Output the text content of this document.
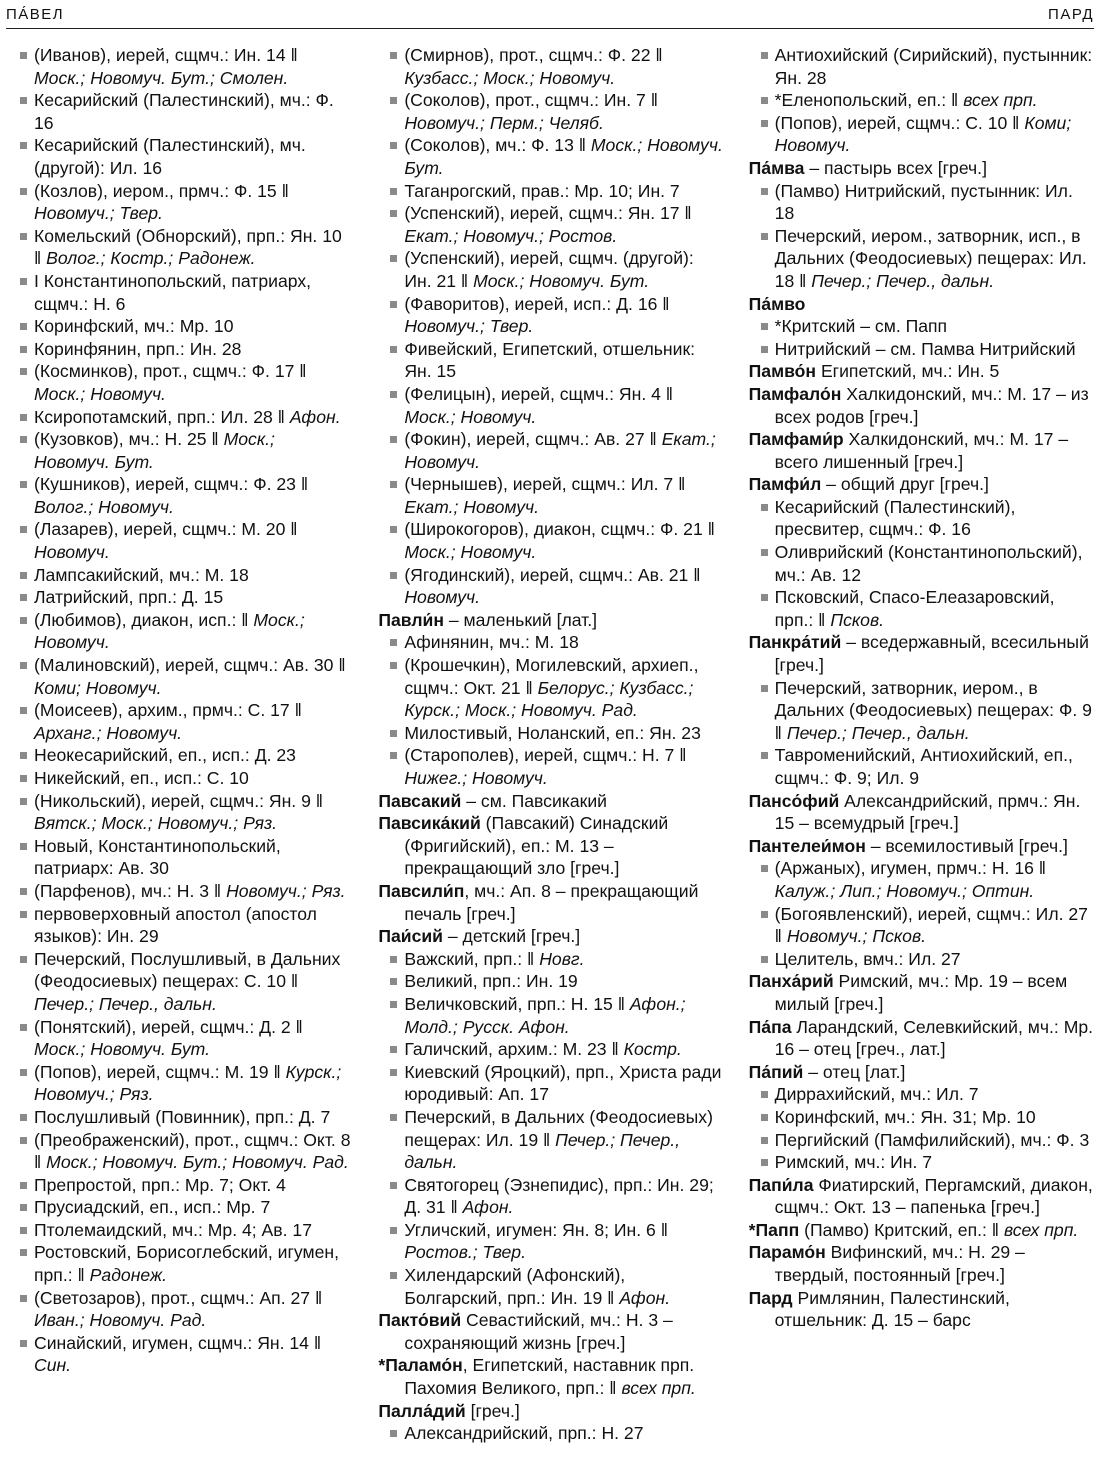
ПА́ВЕЛ	ПАРД

(Иванов), иерей, сщмч.: Ин. 14 ‖ Моск.; Новомуч. Бут.; Смолен.

Кесарийский (Палестинский), мч.: Ф. 16

Кесарийский (Палестинский), мч. (другой): Ил. 16

(Козлов), иером., прмч.: Ф. 15 ‖ Новомуч.; Твер.

Комельский (Обнорский), прп.: Ян. 10 ‖ Волог.; Костр.; Радонеж.

I Константинопольский, патриарх, сщмч.: Н. 6

Коринфский, мч.: Мр. 10

Коринфянин, прп.: Ин. 28

(Косминков), прот., сщмч.: Ф. 17 ‖ Моск.; Новомуч.

Ксиропотамский, прп.: Ил. 28 ‖ Афон.

(Кузовков), мч.: Н. 25 ‖ Моск.; Новомуч. Бут.

(Кушников), иерей, сщмч.: Ф. 23 ‖ Волог.; Новомуч.

(Лазарев), иерей, сщмч.: М. 20 ‖ Новомуч.

Лампсакийский, мч.: М. 18

Латрийский, прп.: Д. 15

(Любимов), диакон, исп.: ‖ Моск.; Новомуч.

(Малиновский), иерей, сщмч.: Ав. 30 ‖ Коми; Новомуч.

(Моисеев), архим., прмч.: С. 17 ‖ Арханг.; Новомуч.

Неокесарийский, еп., исп.: Д. 23

Никейский, еп., исп.: С. 10

(Никольский), иерей, сщмч.: Ян. 9 ‖ Вятск.; Моск.; Новомуч.; Ряз.

Новый, Константинопольский, патриарх: Ав. 30

(Парфенов), мч.: Н. 3 ‖ Новомуч.; Ряз.

первоверховный апостол (апостол языков): Ин. 29

Печерский, Послушливый, в Дальних (Феодосиевых) пещерах: С. 10 ‖ Печер.; Печер., дальн.

(Понятский), иерей, сщмч.: Д. 2 ‖ Моск.; Новомуч. Бут.

(Попов), иерей, сщмч.: М. 19 ‖ Курск.; Новомуч.; Ряз.

Послушливый (Повинник), прп.: Д. 7

(Преображенский), прот., сщмч.: Окт. 8 ‖ Моск.; Новомуч. Бут.; Новомуч. Рад.

Препростой, прп.: Мр. 7; Окт. 4

Прусиадский, еп., исп.: Мр. 7

Птолемаидский, мч.: Мр. 4; Ав. 17

Ростовский, Борисоглебский, игумен, прп.: ‖ Радонеж.

(Светозаров), прот., сщмч.: Ап. 27 ‖ Иван.; Новомуч. Рад.

Синайский, игумен, сщмч.: Ян. 14 ‖ Син.

(Смирнов), прот., сщмч.: Ф. 22 ‖ Кузбасс.; Моск.; Новомуч.

(Соколов), прот., сщмч.: Ин. 7 ‖ Новомуч.; Перм.; Челяб.

(Соколов), мч.: Ф. 13 ‖ Моск.; Новомуч. Бут.

Таганрогский, прав.: Мр. 10; Ин. 7

(Успенский), иерей, сщмч.: Ян. 17 ‖ Екат.; Новомуч.; Ростов.

(Успенский), иерей, сщмч. (другой): Ин. 21 ‖ Моск.; Новомуч. Бут.

(Фаворитов), иерей, исп.: Д. 16 ‖ Новомуч.; Твер.

Фивейский, Египетский, отшельник: Ян. 15

(Фелицын), иерей, сщмч.: Ян. 4 ‖ Моск.; Новомуч.

(Фокин), иерей, сщмч.: Ав. 27 ‖ Екат.; Новомуч.

(Чернышев), иерей, сщмч.: Ил. 7 ‖ Екат.; Новомуч.

(Широкогоров), диакон, сщмч.: Ф. 21 ‖ Моск.; Новомуч.

(Ягодинский), иерей, сщмч.: Ав. 21 ‖ Новомуч.

Павли́н – маленький [лат.]

Афинянин, мч.: М. 18

(Крошечкин), Могилевский, архиеп., сщмч.: Окт. 21 ‖ Белорус.; Кузбасс.; Курск.; Моск.; Новомуч. Рад.

Милостивый, Ноланский, еп.: Ян. 23

(Старополев), иерей, сщмч.: Н. 7 ‖ Нижег.; Новомуч.

Павсакий – см. Павсикакий

Павсика́кий (Павсакий) Синадский (Фригийский), еп.: М. 13 – прекращающий зло [греч.]

Павсили́п, мч.: Ап. 8 – прекращающий печаль [греч.]

Паи́сий – детский [греч.]

Важский, прп.: ‖ Новг.

Великий, прп.: Ин. 19

Величковский, прп.: Н. 15 ‖ Афон.; Молд.; Русск. Афон.

Галичский, архим.: М. 23 ‖ Костр.

Киевский (Яроцкий), прп., Христа ради юродивый: Ап. 17

Печерский, в Дальних (Феодосиевых) пещерах: Ил. 19 ‖ Печер.; Печер., дальн.

Святогорец (Эзнепидис), прп.: Ин. 29; Д. 31 ‖ Афон.

Угличский, игумен: Ян. 8; Ин. 6 ‖ Ростов.; Твер.

Хилендарский (Афонский), Болгарский, прп.: Ин. 19 ‖ Афон.

Пакто́вий Севастийский, мч.: Н. 3 – сохраняющий жизнь [греч.]

*Паламо́н, Египетский, наставник прп. Пахомия Великого, прп.: ‖ всех прп.

Палла́дий [греч.]

Александрийский, прп.: Н. 27

Антиохийский (Сирийский), пустынник: Ян. 28

*Еленопольский, еп.: ‖ всех прп.

(Попов), иерей, сщмч.: С. 10 ‖ Коми; Новомуч.

Па́мва – пастырь всех [греч.]

(Памво) Нитрийский, пустынник: Ил. 18

Печерский, иером., затворник, исп., в Дальних (Феодосиевых) пещерах: Ил. 18 ‖ Печер.; Печер., дальн.

Па́мво

*Критский – см. Папп

Нитрийский – см. Памва Нитрийский

Памво́н Египетский, мч.: Ин. 5

Памфало́н Халкидонский, мч.: М. 17 – из всех родов [греч.]

Памфами́р Халкидонский, мч.: М. 17 – всего лишенный [греч.]

Памфи́л – общий друг [греч.]

Кесарийский (Палестинский), пресвитер, сщмч.: Ф. 16

Оливрийский (Константинопольский), мч.: Ав. 12

Псковский, Спасо-Елеазаровский, прп.: ‖ Псков.

Панкра́тий – вседержавный, всесильный [греч.]

Печерский, затворник, иером., в Дальних (Феодосиевых) пещерах: Ф. 9 ‖ Печер.; Печер., дальн.

Тавроменийский, Антиохийский, еп., сщмч.: Ф. 9; Ил. 9

Пансо́фий Александрийский, прмч.: Ян. 15 – всемудрый [греч.]

Пантелеи́мон – всемилостивый [греч.]

(Аржаных), игумен, прмч.: Н. 16 ‖ Калуж.; Лип.; Новомуч.; Оптин.

(Богоявленский), иерей, сщмч.: Ил. 27 ‖ Новомуч.; Псков.

Целитель, вмч.: Ил. 27

Панха́рий Римский, мч.: Мр. 19 – всем милый [греч.]

Па́па Ларандский, Селевкийский, мч.: Мр. 16 – отец [греч., лат.]

Па́пий – отец [лат.]

Диррахийский, мч.: Ил. 7

Коринфский, мч.: Ян. 31; Мр. 10

Пергийский (Памфилийский), мч.: Ф. 3

Римский, мч.: Ин. 7

Папи́ла Фиатирский, Пергамский, диакон, сщмч.: Окт. 13 – папенька [греч.]

*Папп (Памво) Критский, еп.: ‖ всех прп.

Парамо́н Вифинский, мч.: Н. 29 – твердый, постоянный [греч.]

Пард Римлянин, Палестинский, отшельник: Д. 15 – барс
